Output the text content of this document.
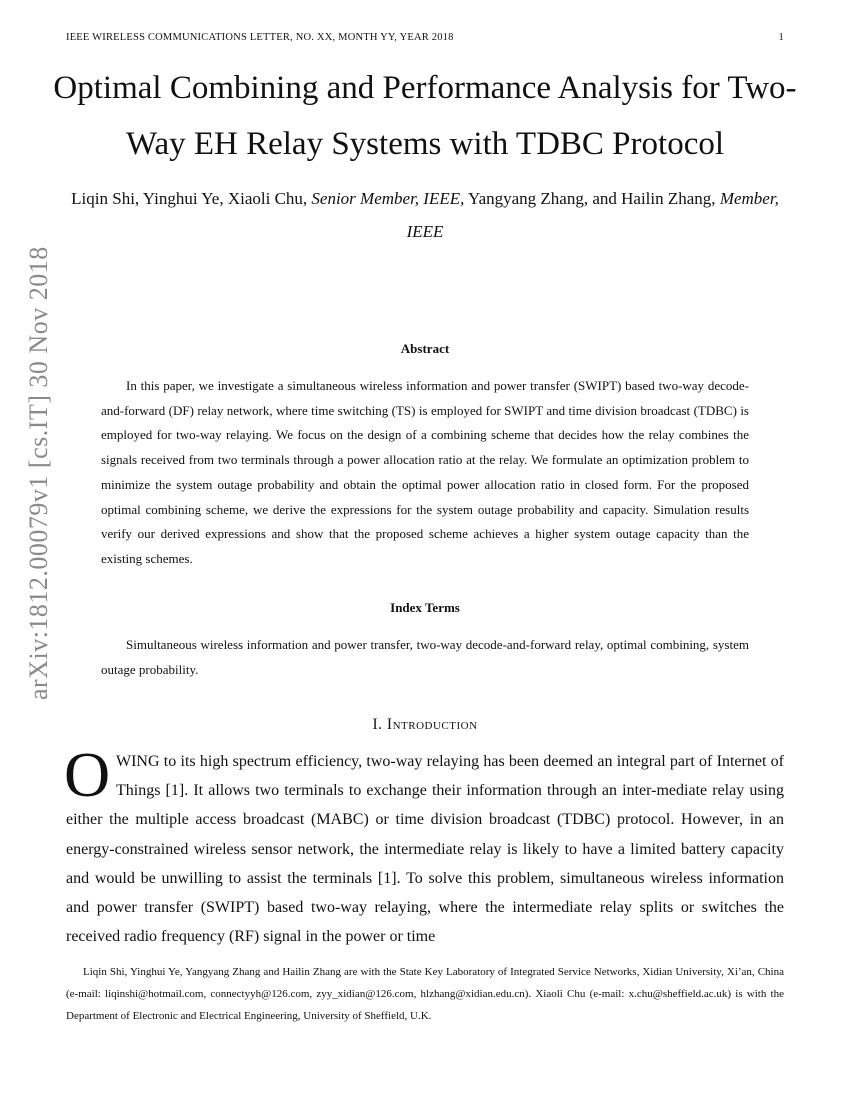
IEEE WIRELESS COMMUNICATIONS LETTER, NO. XX, MONTH YY, YEAR 2018	1
Optimal Combining and Performance Analysis for Two-Way EH Relay Systems with TDBC Protocol
Liqin Shi, Yinghui Ye, Xiaoli Chu, Senior Member, IEEE, Yangyang Zhang, and Hailin Zhang, Member, IEEE
arXiv:1812.00079v1 [cs.IT] 30 Nov 2018	Abstract

In this paper, we investigate a simultaneous wireless information and power transfer (SWIPT) based two-way decode-and-forward (DF) relay network, where time switching (TS) is employed for SWIPT and time division broadcast (TDBC) is employed for two-way relaying. We focus on the design of a combining scheme that decides how the relay combines the signals received from two terminals through a power allocation ratio at the relay. We formulate an optimization problem to minimize the system outage probability and obtain the optimal power allocation ratio in closed form. For the proposed optimal combining scheme, we derive the expressions for the system outage probability and capacity. Simulation results verify our derived expressions and show that the proposed scheme achieves a higher system outage capacity than the existing schemes.

Index Terms

Simultaneous wireless information and power transfer, two-way decode-and-forward relay, optimal combining, system outage probability.

I. Introduction
O WING to its high spectrum efficiency, two-way relaying has been deemed an integral part of Internet of Things [1]. It allows two terminals to exchange their information through an inter-mediate relay using either the multiple access broadcast (MABC) or time division broadcast (TDBC) protocol. However, in an energy-constrained wireless sensor network, the intermediate relay is likely to have a limited battery capacity and would be unwilling to assist the terminals [1]. To solve this problem, simultaneous wireless information and power transfer (SWIPT) based two-way relaying, where the intermediate relay splits or switches the received radio frequency (RF) signal in the power or time

Liqin Shi, Yinghui Ye, Yangyang Zhang and Hailin Zhang are with the State Key Laboratory of Integrated Service Networks, Xidian University, Xi’an, China (e-mail: liqinshi@hotmail.com, connectyyh@126.com, zyy_xidian@126.com, hlzhang@xidian.edu.cn). Xiaoli Chu (e-mail: x.chu@sheffield.ac.uk) is with the Department of Electronic and Electrical Engineering, University of Sheffield, U.K.
